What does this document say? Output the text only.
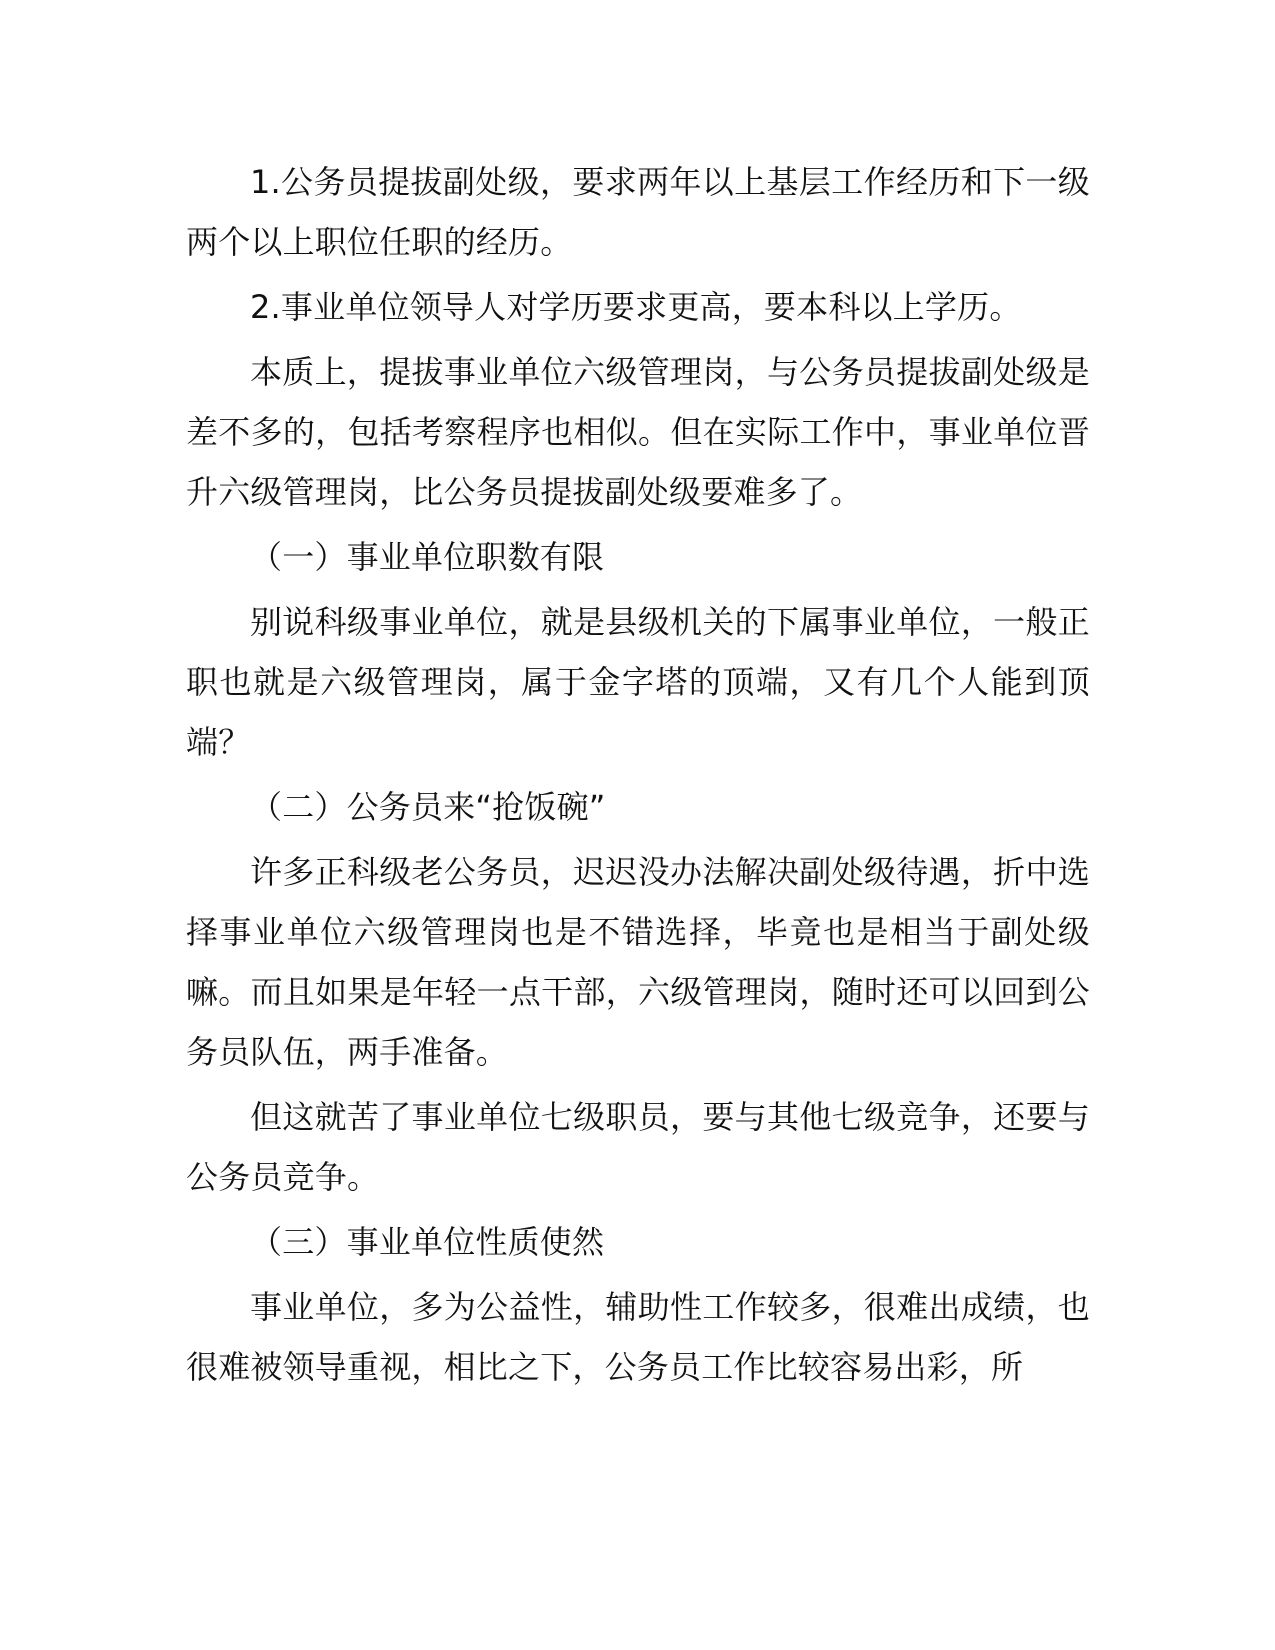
1.公务员提拔副处级，要求两年以上基层工作经历和下一级两个以上职位任职的经历。

2.事业单位领导人对学历要求更高，要本科以上学历。

本质上，提拔事业单位六级管理岗，与公务员提拔副处级是差不多的，包括考察程序也相似。但在实际工作中，事业单位晋升六级管理岗，比公务员提拔副处级要难多了。

（一）事业单位职数有限

别说科级事业单位，就是县级机关的下属事业单位，一般正职也就是六级管理岗，属于金字塔的顶端，又有几个人能到顶端？

（二）公务员来“抢饭碗”

许多正科级老公务员，迟迟没办法解决副处级待遇，折中选择事业单位六级管理岗也是不错选择，毕竟也是相当于副处级嘛。而且如果是年轻一点干部，六级管理岗，随时还可以回到公务员队伍，两手准备。

但这就苦了事业单位七级职员，要与其他七级竞争，还要与公务员竞争。

（三）事业单位性质使然

事业单位，多为公益性，辅助性工作较多，很难出成绩，也很难被领导重视，相比之下，公务员工作比较容易出彩，所
